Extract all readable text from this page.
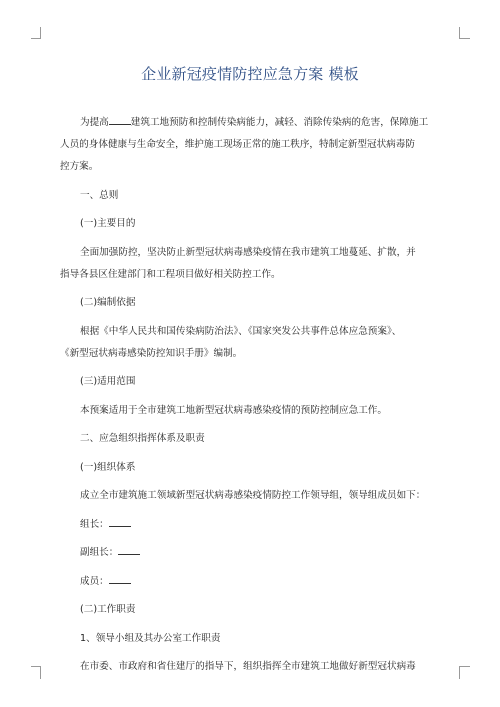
企业新冠疫情防控应急方案 模板

为提高 建筑工地预防和控制传染病能力，减轻、消除传染病的危害，保障施工

人员的身体健康与生命安全，维护施工现场正常的施工秩序，特制定新型冠状病毒防

控方案。

一、总则

(一)主要目的

全面加强防控，坚决防止新型冠状病毒感染疫情在我市建筑工地蔓延、扩散，并

指导各县区住建部门和工程项目做好相关防控工作。

(二)编制依据

根据《中华人民共和国传染病防治法》、《国家突发公共事件总体应急预案》、

《新型冠状病毒感染防控知识手册》编制。

(三)适用范围

本预案适用于全市建筑工地新型冠状病毒感染疫情的预防控制应急工作。

二、应急组织指挥体系及职责

(一)组织体系

成立全市建筑施工领域新型冠状病毒感染疫情防控工作领导组，领导组成员如下：

组长：

副组长：

成员：

(二)工作职责

1、领导小组及其办公室工作职责

在市委、市政府和省住建厅的指导下，组织指挥全市建筑工地做好新型冠状病毒
